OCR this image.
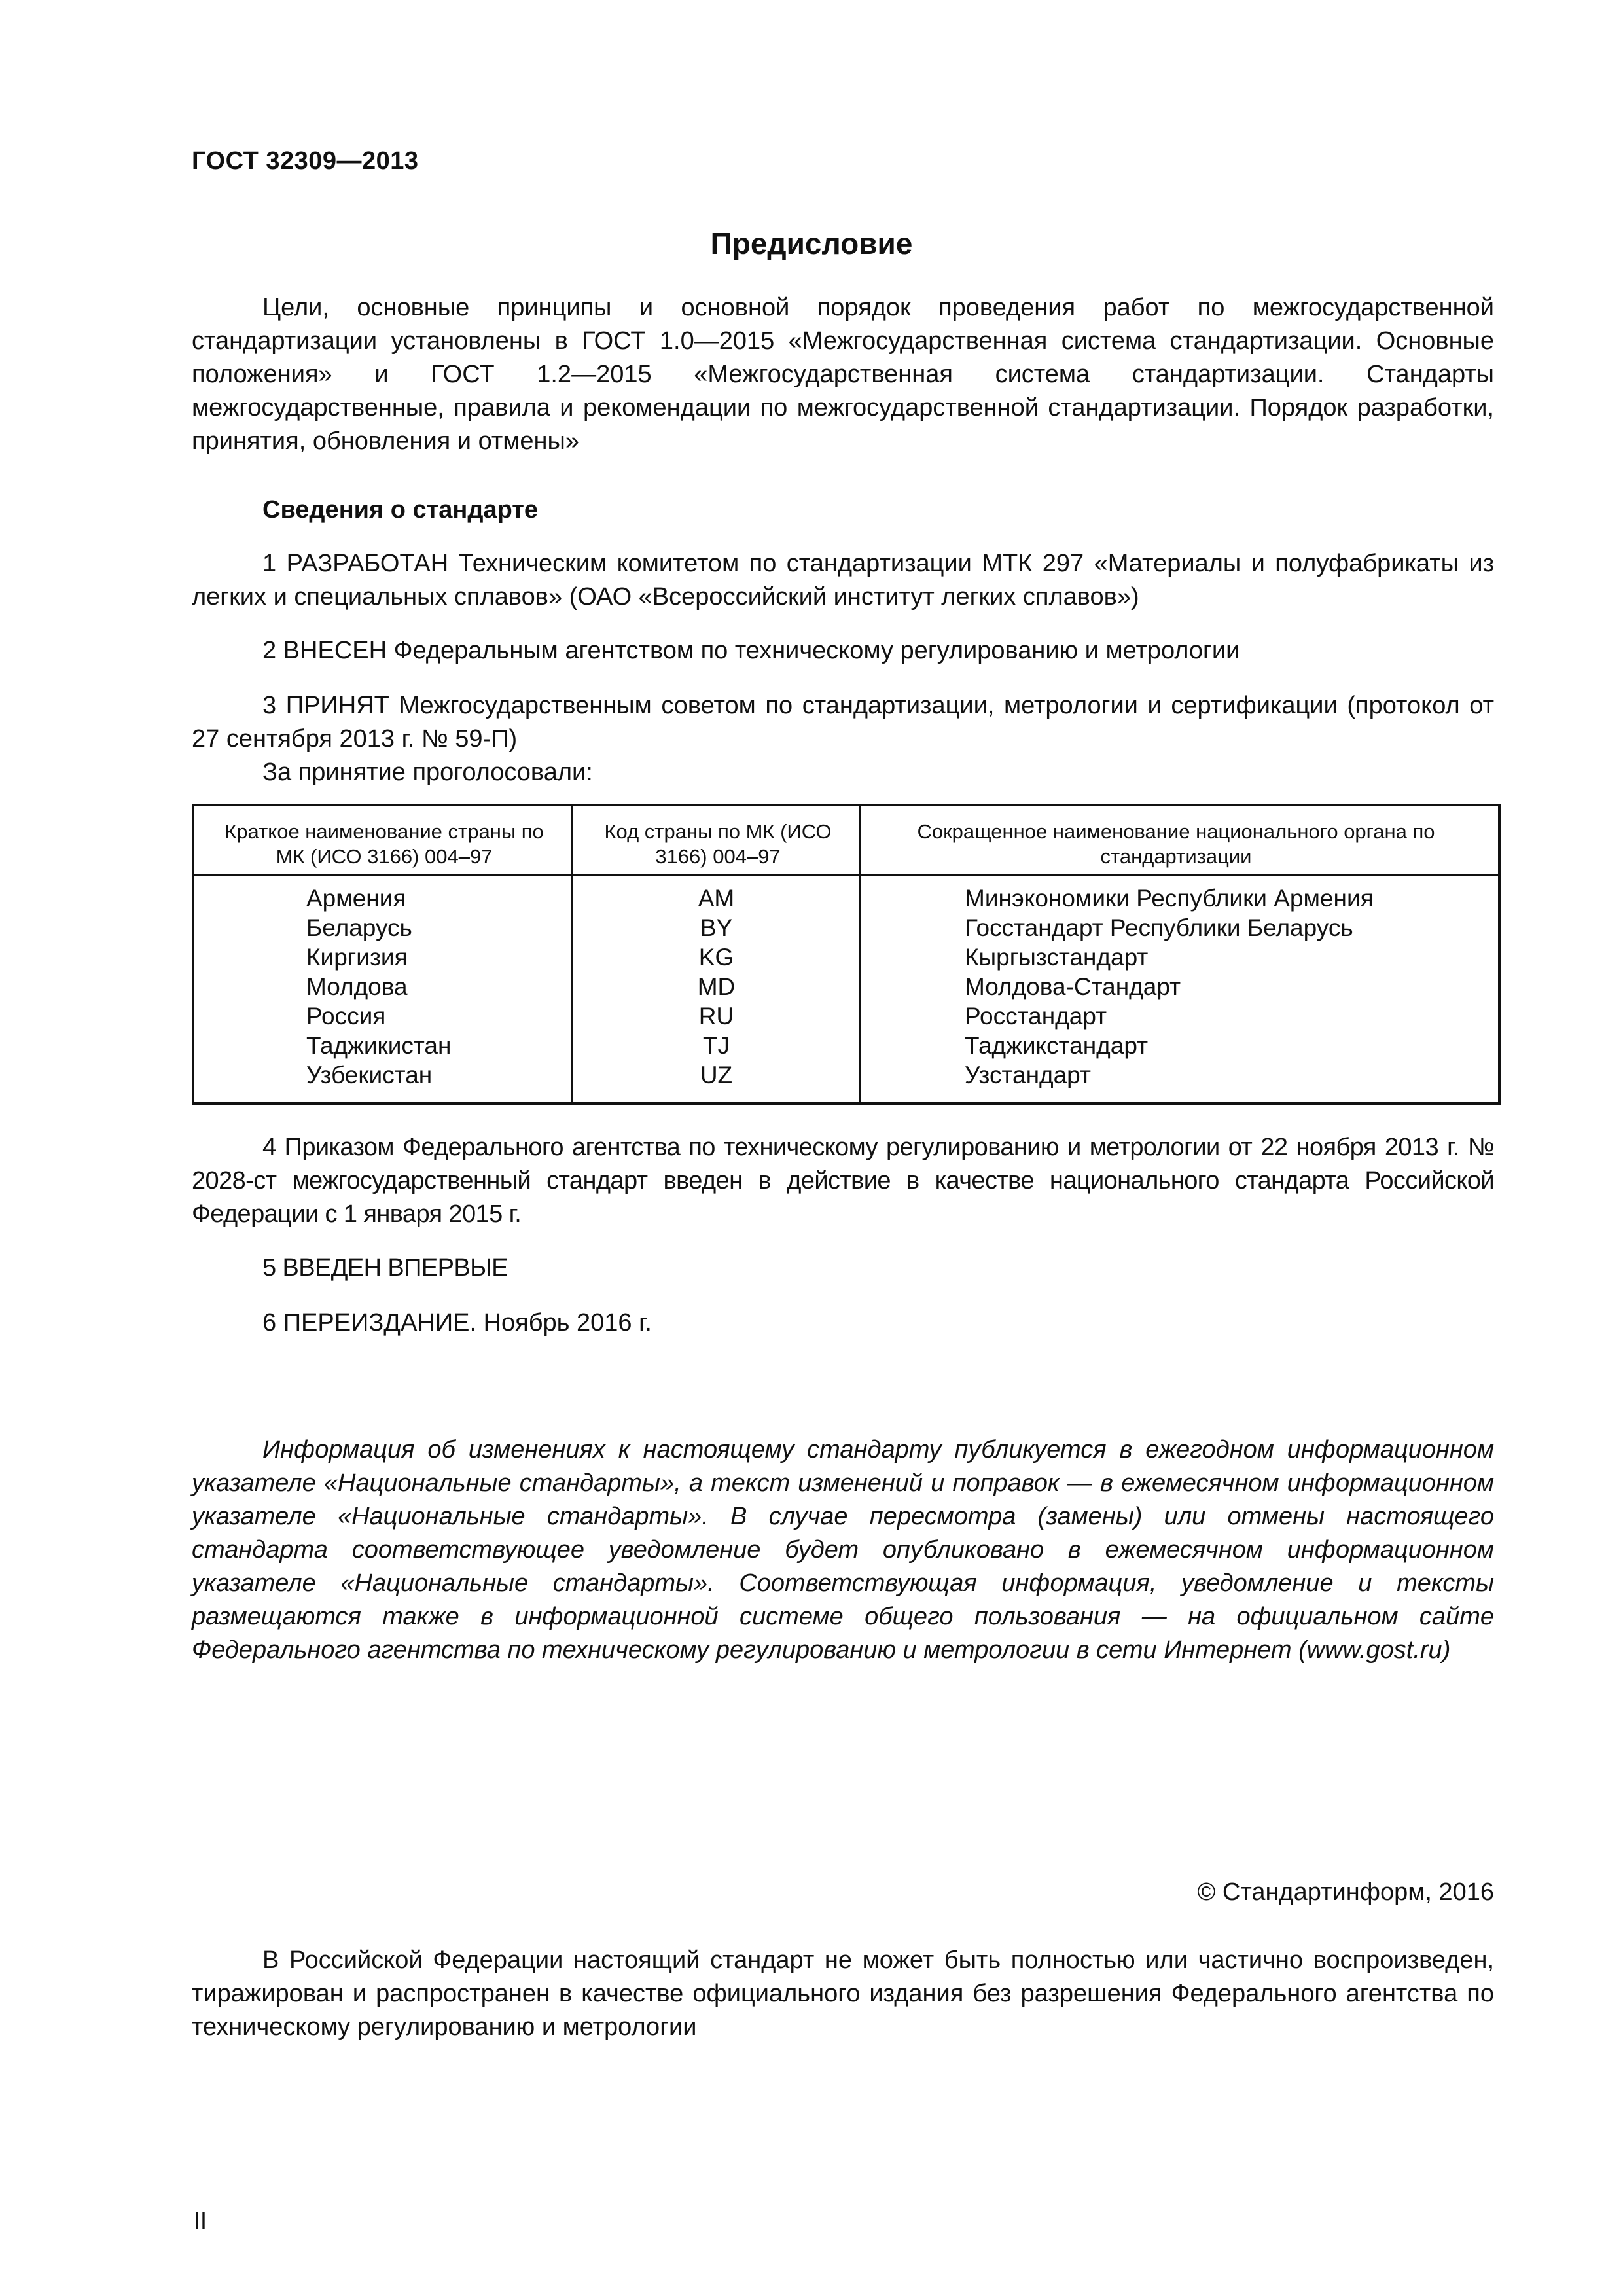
ГОСТ 32309—2013
Предисловие
Цели, основные принципы и основной порядок проведения работ по межгосударственной стандартизации установлены в ГОСТ 1.0—2015 «Межгосударственная система стандартизации. Основные положения» и ГОСТ 1.2—2015 «Межгосударственная система стандартизации. Стандарты межгосударственные, правила и рекомендации по межгосударственной стандартизации. Порядок разработки, принятия, обновления и отмены»
Сведения о стандарте
1 РАЗРАБОТАН Техническим комитетом по стандартизации МТК 297 «Материалы и полуфабрикаты из легких и специальных сплавов» (ОАО «Всероссийский институт легких сплавов»)
2 ВНЕСЕН Федеральным агентством по техническому регулированию и метрологии
3 ПРИНЯТ Межгосударственным советом по стандартизации, метрологии и сертификации (протокол от 27 сентября 2013 г. № 59-П)
За принятие проголосовали:
Краткое наименование страны по МК (ИСО 3166) 004–97
Код страны по МК (ИСО 3166) 004–97
Сокращенное наименование национального органа по стандартизации
Армения
Беларусь
Киргизия
Молдова
Россия
Таджикистан
Узбекистан
AM
BY
KG
MD
RU
TJ
UZ
Минэкономики Республики Армения
Госстандарт Республики Беларусь
Кыргызстандарт
Молдова-Стандарт
Росстандарт
Таджикстандарт
Узстандарт
4 Приказом Федерального агентства по техническому регулированию и метрологии от 22 ноября 2013 г. № 2028-ст межгосударственный стандарт введен в действие в качестве национального стандарта Российской Федерации с 1 января 2015 г.
5 ВВЕДЕН ВПЕРВЫЕ
6 ПЕРЕИЗДАНИЕ. Ноябрь 2016 г.
Информация об изменениях к настоящему стандарту публикуется в ежегодном информационном указателе «Национальные стандарты», а текст изменений и поправок — в ежемесячном информационном указателе «Национальные стандарты». В случае пересмотра (замены) или отмены настоящего стандарта соответствующее уведомление будет опубликовано в ежемесячном информационном указателе «Национальные стандарты». Соответствующая информация, уведомление и тексты размещаются также в информационной системе общего пользования — на официальном сайте Федерального агентства по техническому регулированию и метрологии в сети Интернет (www.gost.ru)
© Стандартинформ, 2016
В Российской Федерации настоящий стандарт не может быть полностью или частично воспроизведен, тиражирован и распространен в качестве официального издания без разрешения Федерального агентства по техническому регулированию и метрологии
II
